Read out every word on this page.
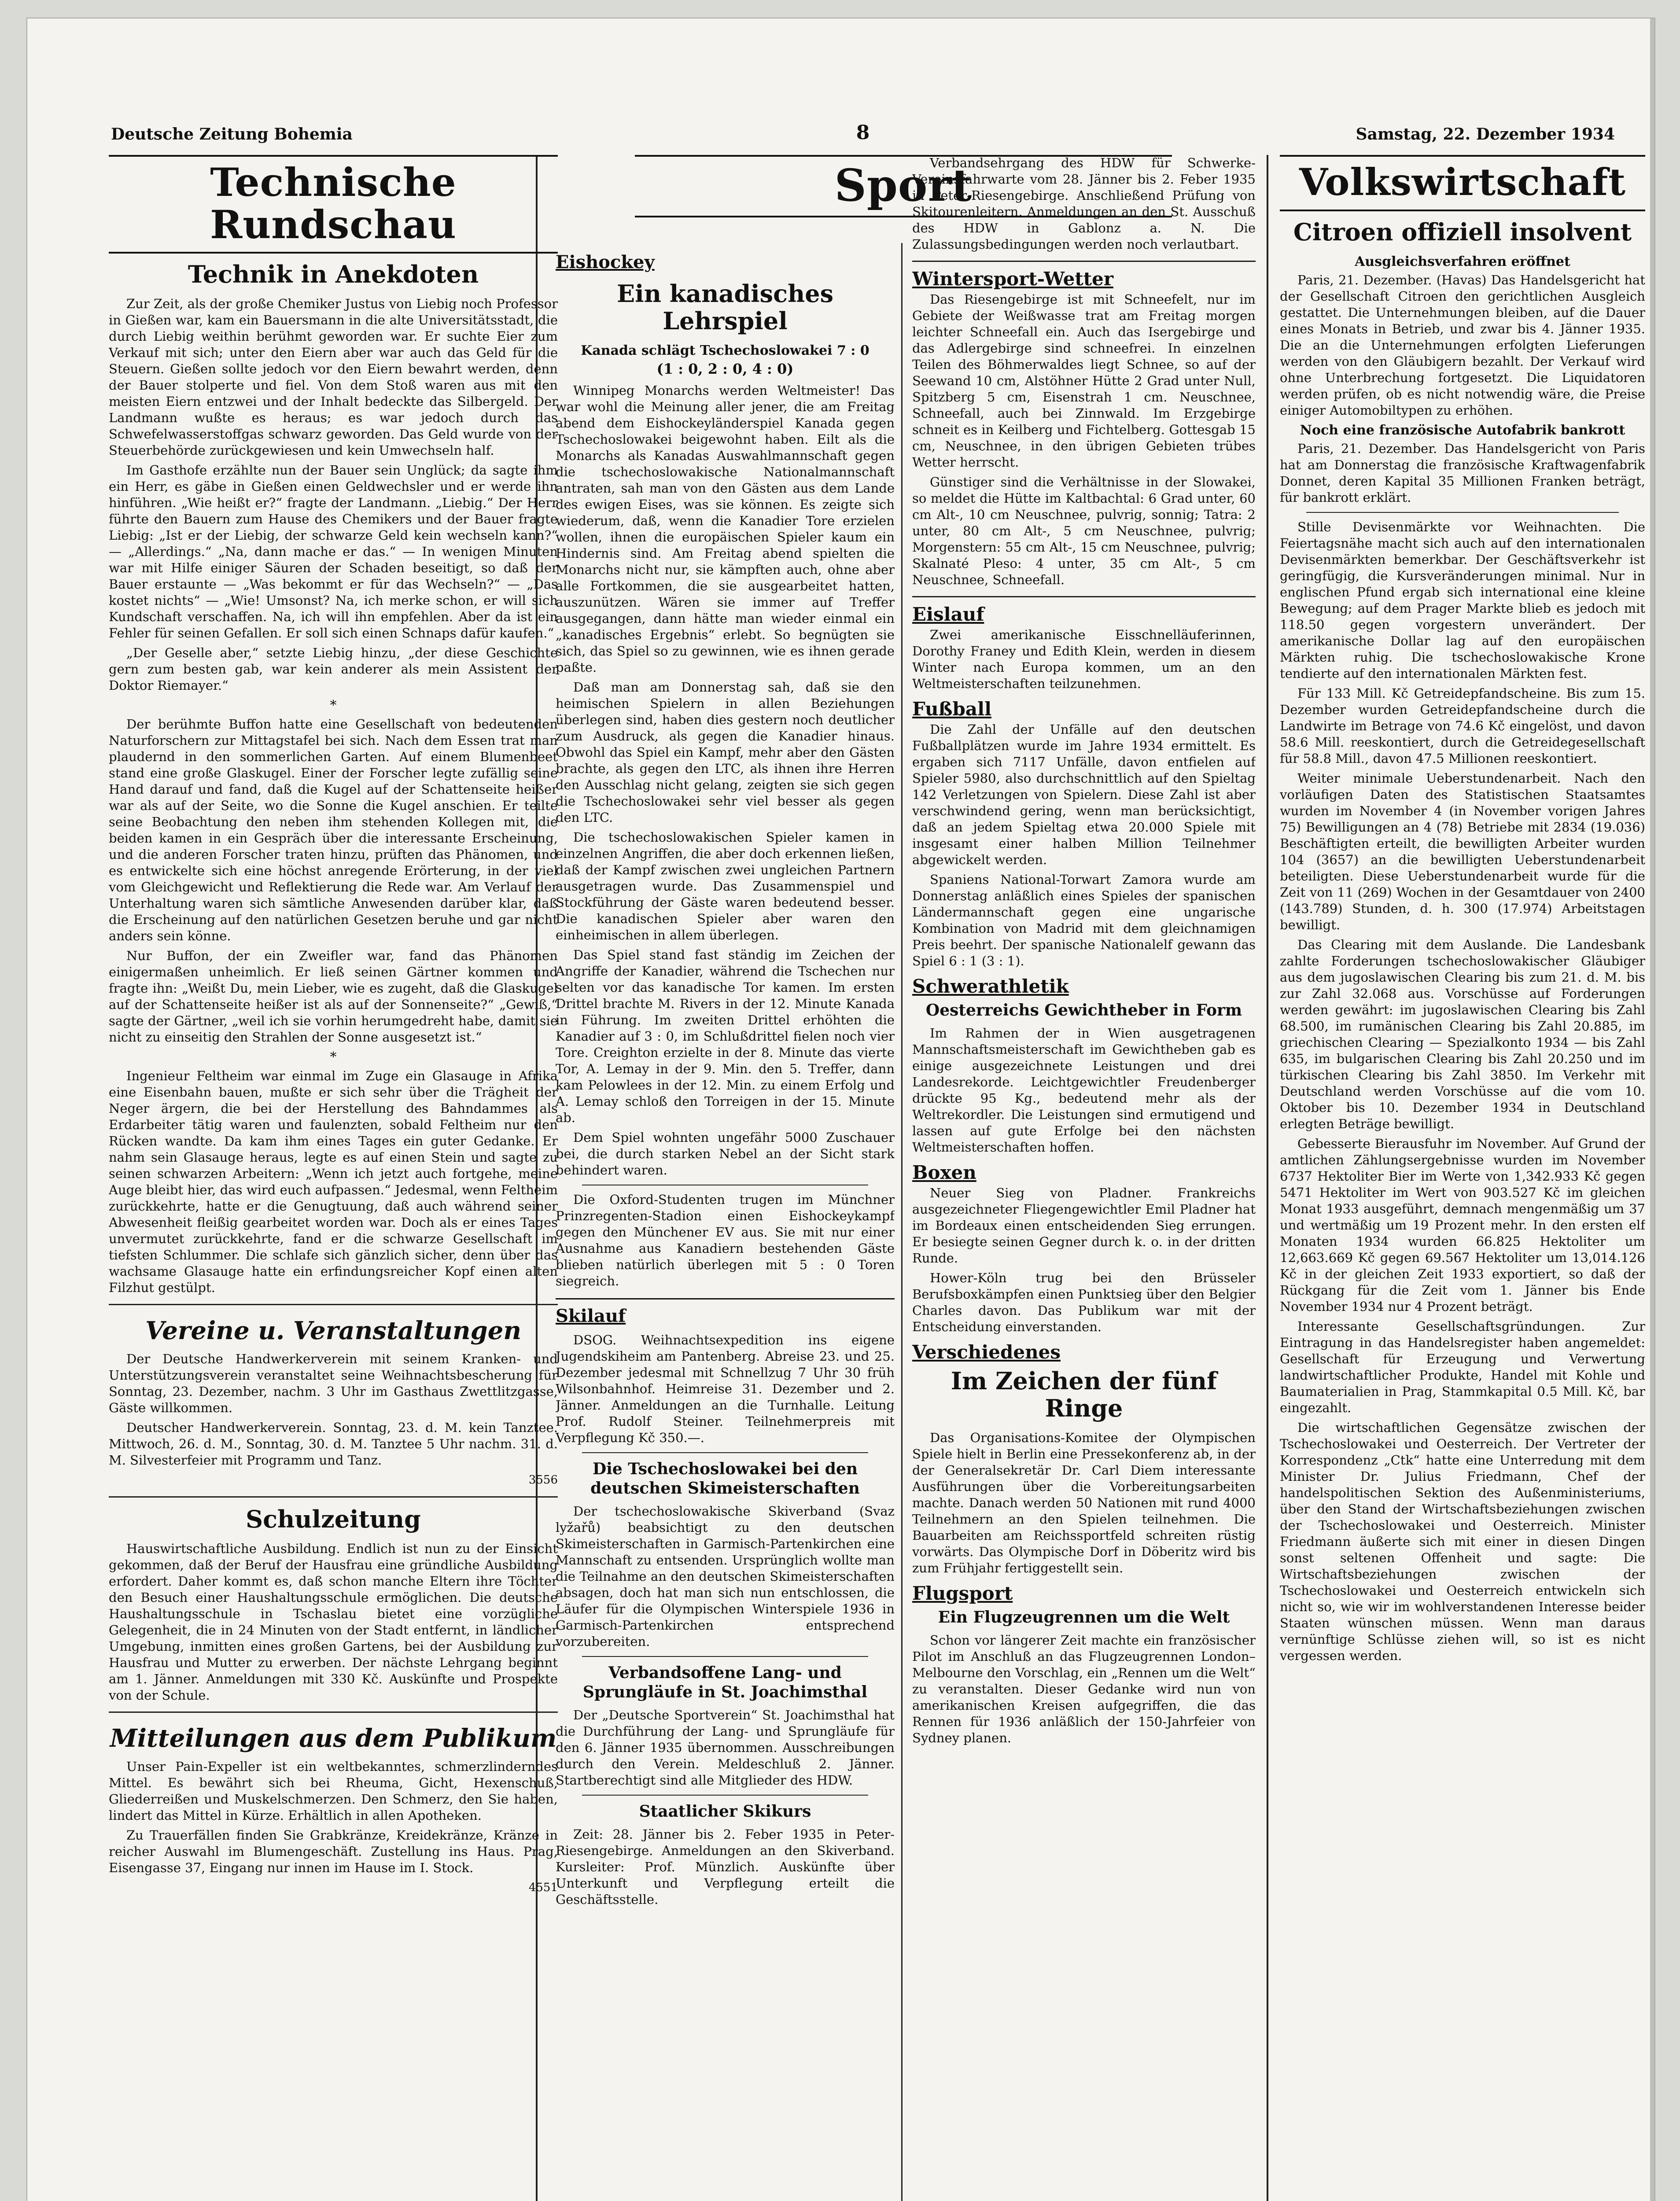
Deutsche Zeitung Bohemia	8	Samstag, 22. Dezember 1934
Technische Rundschau
Technik in Anekdoten

Zur Zeit, als der große Chemiker Justus von Liebig noch Professor in Gießen war, kam ein Bauersmann in die alte Universitätsstadt, die durch Liebig weithin berühmt geworden war. Er suchte Eier zum Verkauf mit sich; unter den Eiern aber war auch das Geld für die Steuern. Gießen sollte jedoch vor den Eiern bewahrt werden, denn der Bauer stolperte und fiel. Von dem Stoß waren aus mit den meisten Eiern entzwei und der Inhalt bedeckte das Silbergeld. Der Landmann wußte es heraus; es war jedoch durch das Schwefelwasserstoffgas schwarz geworden. Das Geld wurde von der Steuerbehörde zurückgewiesen und kein Umwechseln half.

Im Gasthofe erzählte nun der Bauer sein Unglück; da sagte ihm ein Herr, es gäbe in Gießen einen Geldwechsler und er werde ihn hinführen. „Wie heißt er?“ fragte der Landmann. „Liebig.“ Der Herr führte den Bauern zum Hause des Chemikers und der Bauer fragte Liebig: „Ist er der Liebig, der schwarze Geld kein wechseln kann?“ — „Allerdings.“ „Na, dann mache er das.“ — In wenigen Minuten war mit Hilfe einiger Säuren der Schaden beseitigt, so daß der Bauer erstaunte — „Was bekommt er für das Wechseln?“ — „Das kostet nichts“ — „Wie! Umsonst? Na, ich merke schon, er will sich Kundschaft verschaffen. Na, ich will ihn empfehlen. Aber da ist ein Fehler für seinen Gefallen. Er soll sich einen Schnaps dafür kaufen.“

„Der Geselle aber,“ setzte Liebig hinzu, „der diese Geschichte gern zum besten gab, war kein anderer als mein Assistent der Doktor Riemayer.“

*

Der berühmte Buffon hatte eine Gesellschaft von bedeutenden Naturforschern zur Mittagstafel bei sich. Nach dem Essen trat man plaudernd in den sommerlichen Garten. Auf einem Blumenbeet stand eine große Glaskugel. Einer der Forscher legte zufällig seine Hand darauf und fand, daß die Kugel auf der Schattenseite heißer war als auf der Seite, wo die Sonne die Kugel anschien. Er teilte seine Beobachtung den neben ihm stehenden Kollegen mit, die beiden kamen in ein Gespräch über die interessante Erscheinung, und die anderen Forscher traten hinzu, prüften das Phänomen, und es entwickelte sich eine höchst anregende Erörterung, in der viel vom Gleichgewicht und Reflektierung die Rede war. Am Verlauf der Unterhaltung waren sich sämtliche Anwesenden darüber klar, daß die Erscheinung auf den natürlichen Gesetzen beruhe und gar nicht anders sein könne.

Nur Buffon, der ein Zweifler war, fand das Phänomen einigermaßen unheimlich. Er ließ seinen Gärtner kommen und fragte ihn: „Weißt Du, mein Lieber, wie es zugeht, daß die Glaskugel auf der Schattenseite heißer ist als auf der Sonnenseite?“ „Gewiß,“ sagte der Gärtner, „weil ich sie vorhin herumgedreht habe, damit sie nicht zu einseitig den Strahlen der Sonne ausgesetzt ist.“

*

Ingenieur Feltheim war einmal im Zuge ein Glasauge in Afrika eine Eisenbahn bauen, mußte er sich sehr über die Trägheit der Neger ärgern, die bei der Herstellung des Bahndammes als Erdarbeiter tätig waren und faulenzten, sobald Feltheim nur den Rücken wandte. Da kam ihm eines Tages ein guter Gedanke. Er nahm sein Glasauge heraus, legte es auf einen Stein und sagte zu seinen schwarzen Arbeitern: „Wenn ich jetzt auch fortgehe, meine Auge bleibt hier, das wird euch aufpassen.“ Jedesmal, wenn Feltheim zurückkehrte, hatte er die Genugtuung, daß auch während seiner Abwesenheit fleißig gearbeitet worden war. Doch als er eines Tages unvermutet zurückkehrte, fand er die schwarze Gesellschaft im tiefsten Schlummer. Die schlafe sich gänzlich sicher, denn über das wachsame Glasauge hatte ein erfindungsreicher Kopf einen alten Filzhut gestülpt.

Vereine u. Veranstaltungen

Der Deutsche Handwerkerverein mit seinem Kranken- und Unterstützungsverein veranstaltet seine Weihnachtsbescherung für Sonntag, 23. Dezember, nachm. 3 Uhr im Gasthaus Zwettlitzgasse, Gäste willkommen.

Deutscher Handwerkerverein. Sonntag, 23. d. M. kein Tanztee. Mittwoch, 26. d. M., Sonntag, 30. d. M. Tanztee 5 Uhr nachm. 31. d. M. Silvesterfeier mit Programm und Tanz.

3556
Schulzeitung

Hauswirtschaftliche Ausbildung. Endlich ist nun zu der Einsicht gekommen, daß der Beruf der Hausfrau eine gründliche Ausbildung erfordert. Daher kommt es, daß schon manche Eltern ihre Töchter den Besuch einer Haushaltungsschule ermöglichen. Die deutsche Haushaltungsschule in Tschaslau bietet eine vorzügliche Gelegenheit, die in 24 Minuten von der Stadt entfernt, in ländlicher Umgebung, inmitten eines großen Gartens, bei der Ausbildung zur Hausfrau und Mutter zu erwerben. Der nächste Lehrgang beginnt am 1. Jänner. Anmeldungen mit 330 Kč. Auskünfte und Prospekte von der Schule.

Mitteilungen aus dem Publikum

Unser Pain-Expeller ist ein weltbekanntes, schmerzlinderndes Mittel. Es bewährt sich bei Rheuma, Gicht, Hexenschuß, Gliederreißen und Muskelschmerzen. Den Schmerz, den Sie haben, lindert das Mittel in Kürze. Erhältlich in allen Apotheken.

Zu Trauerfällen finden Sie Grabkränze, Kreidekränze, Kränze in reicher Auswahl im Blumengeschäft. Zustellung ins Haus. Prag, Eisengasse 37, Eingang nur innen im Hause im I. Stock.

4551
Sport
Eishockey
Ein kanadisches Lehrspiel
Kanada schlägt Tschechoslowakei 7 : 0
(1 : 0, 2 : 0, 4 : 0)

Winnipeg Monarchs werden Weltmeister! Das war wohl die Meinung aller jener, die am Freitag abend dem Eishockeyländerspiel Kanada gegen Tschechoslowakei beigewohnt haben. Eilt als die Monarchs als Kanadas Auswahlmannschaft gegen die tschechoslowakische Nationalmannschaft antraten, sah man von den Gästen aus dem Lande des ewigen Eises, was sie können. Es zeigte sich wiederum, daß, wenn die Kanadier Tore erzielen wollen, ihnen die europäischen Spieler kaum ein Hindernis sind. Am Freitag abend spielten die Monarchs nicht nur, sie kämpften auch, ohne aber alle Fortkommen, die sie ausgearbeitet hatten, auszunützen. Wären sie immer auf Treffer ausgegangen, dann hätte man wieder einmal ein „kanadisches Ergebnis“ erlebt. So begnügten sie sich, das Spiel so zu gewinnen, wie es ihnen gerade paßte.

Daß man am Donnerstag sah, daß sie den heimischen Spielern in allen Beziehungen überlegen sind, haben dies gestern noch deutlicher zum Ausdruck, als gegen die Kanadier hinaus. Obwohl das Spiel ein Kampf, mehr aber den Gästen brachte, als gegen den LTC, als ihnen ihre Herren den Ausschlag nicht gelang, zeigten sie sich gegen die Tschechoslowakei sehr viel besser als gegen den LTC.

Die tschechoslowakischen Spieler kamen in einzelnen Angriffen, die aber doch erkennen ließen, daß der Kampf zwischen zwei ungleichen Partnern ausgetragen wurde. Das Zusammenspiel und Stockführung der Gäste waren bedeutend besser. Die kanadischen Spieler aber waren den einheimischen in allem überlegen.

Das Spiel stand fast ständig im Zeichen der Angriffe der Kanadier, während die Tschechen nur selten vor das kanadische Tor kamen. Im ersten Drittel brachte M. Rivers in der 12. Minute Kanada in Führung. Im zweiten Drittel erhöhten die Kanadier auf 3 : 0, im Schlußdrittel fielen noch vier Tore. Creighton erzielte in der 8. Minute das vierte Tor, A. Lemay in der 9. Min. den 5. Treffer, dann kam Pelowlees in der 12. Min. zu einem Erfolg und A. Lemay schloß den Torreigen in der 15. Minute ab.

Dem Spiel wohnten ungefähr 5000 Zuschauer bei, die durch starken Nebel an der Sicht stark behindert waren.

Die Oxford-Studenten trugen im Münchner Prinzregenten-Stadion einen Eishockeykampf gegen den Münchener EV aus. Sie mit nur einer Ausnahme aus Kanadiern bestehenden Gäste blieben natürlich überlegen mit 5 : 0 Toren siegreich.

Skilauf

DSOG. Weihnachtsexpedition ins eigene Jugendskiheim am Pantenberg. Abreise 23. und 25. Dezember jedesmal mit Schnellzug 7 Uhr 30 früh Wilsonbahnhof. Heimreise 31. Dezember und 2. Jänner. Anmeldungen an die Turnhalle. Leitung Prof. Rudolf Steiner. Teilnehmerpreis mit Verpflegung Kč 350.—.

Die Tschechoslowakei bei den deutschen Skimeisterschaften

Der tschechoslowakische Skiverband (Svaz lyžařů) beabsichtigt zu den deutschen Skimeisterschaften in Garmisch-Partenkirchen eine Mannschaft zu entsenden. Ursprünglich wollte man die Teilnahme an den deutschen Skimeisterschaften absagen, doch hat man sich nun entschlossen, die Läufer für die Olympischen Winterspiele 1936 in Garmisch-Partenkirchen entsprechend vorzubereiten.

Verbandsoffene Lang- und Sprungläufe in St. Joachimsthal

Der „Deutsche Sportverein“ St. Joachimsthal hat die Durchführung der Lang- und Sprungläufe für den 6. Jänner 1935 übernommen. Ausschreibungen durch den Verein. Meldeschluß 2. Jänner. Startberechtigt sind alle Mitglieder des HDW.

Staatlicher Skikurs

Zeit: 28. Jänner bis 2. Feber 1935 in Peter-Riesengebirge. Anmeldungen an den Skiverband. Kursleiter: Prof. Münzlich. Auskünfte über Unterkunft und Verpflegung erteilt die Geschäftsstelle.

Verbandsehrgang des HDW für Schwerke-Vereinsfahrwarte vom 28. Jänner bis 2. Feber 1935 in Peter-Riesengebirge. Anschließend Prüfung von Skitourenleitern. Anmeldungen an den St. Ausschuß des HDW in Gablonz a. N. Die Zulassungsbedingungen werden noch verlautbart.

Wintersport-Wetter

Das Riesengebirge ist mit Schneefelt, nur im Gebiete der Weißwasse trat am Freitag morgen leichter Schneefall ein. Auch das Isergebirge und das Adlergebirge sind schneefrei. In einzelnen Teilen des Böhmerwaldes liegt Schnee, so auf der Seewand 10 cm, Alstöhner Hütte 2 Grad unter Null, Spitzberg 5 cm, Eisenstrah 1 cm. Neuschnee, Schneefall, auch bei Zinnwald. Im Erzgebirge schneit es in Keilberg und Fichtelberg. Gottesgab 15 cm, Neuschnee, in den übrigen Gebieten trübes Wetter herrscht.

Günstiger sind die Verhältnisse in der Slowakei, so meldet die Hütte im Kaltbachtal: 6 Grad unter, 60 cm Alt-, 10 cm Neuschnee, pulvrig, sonnig; Tatra: 2 unter, 80 cm Alt-, 5 cm Neuschnee, pulvrig; Morgenstern: 55 cm Alt-, 15 cm Neuschnee, pulvrig; Skalnaté Pleso: 4 unter, 35 cm Alt-, 5 cm Neuschnee, Schneefall.

Eislauf

Zwei amerikanische Eisschnelläuferinnen, Dorothy Franey und Edith Klein, werden in diesem Winter nach Europa kommen, um an den Weltmeisterschaften teilzunehmen.

Fußball

Die Zahl der Unfälle auf den deutschen Fußballplätzen wurde im Jahre 1934 ermittelt. Es ergaben sich 7117 Unfälle, davon entfielen auf Spieler 5980, also durchschnittlich auf den Spieltag 142 Verletzungen von Spielern. Diese Zahl ist aber verschwindend gering, wenn man berücksichtigt, daß an jedem Spieltag etwa 20.000 Spiele mit insgesamt einer halben Million Teilnehmer abgewickelt werden.

Spaniens National-Torwart Zamora wurde am Donnerstag anläßlich eines Spieles der spanischen Ländermannschaft gegen eine ungarische Kombination von Madrid mit dem gleichnamigen Preis beehrt. Der spanische Nationalelf gewann das Spiel 6 : 1 (3 : 1).

Schwerathletik
Oesterreichs Gewichtheber in Form

Im Rahmen der in Wien ausgetragenen Mannschaftsmeisterschaft im Gewichtheben gab es einige ausgezeichnete Leistungen und drei Landesrekorde. Leichtgewichtler Freudenberger drückte 95 Kg., bedeutend mehr als der Weltrekordler. Die Leistungen sind ermutigend und lassen auf gute Erfolge bei den nächsten Weltmeisterschaften hoffen.

Boxen

Neuer Sieg von Pladner. Frankreichs ausgezeichneter Fliegengewichtler Emil Pladner hat im Bordeaux einen entscheidenden Sieg errungen. Er besiegte seinen Gegner durch k. o. in der dritten Runde.

Hower-Köln trug bei den Brüsseler Berufsboxkämpfen einen Punktsieg über den Belgier Charles davon. Das Publikum war mit der Entscheidung einverstanden.

Verschiedenes
Im Zeichen der fünf Ringe

Das Organisations-Komitee der Olympischen Spiele hielt in Berlin eine Pressekonferenz ab, in der der Generalsekretär Dr. Carl Diem interessante Ausführungen über die Vorbereitungsarbeiten machte. Danach werden 50 Nationen mit rund 4000 Teilnehmern an den Spielen teilnehmen. Die Bauarbeiten am Reichssportfeld schreiten rüstig vorwärts. Das Olympische Dorf in Döberitz wird bis zum Frühjahr fertiggestellt sein.

Flugsport
Ein Flugzeugrennen um die Welt

Schon vor längerer Zeit machte ein französischer Pilot im Anschluß an das Flugzeugrennen London–Melbourne den Vorschlag, ein „Rennen um die Welt“ zu veranstalten. Dieser Gedanke wird nun von amerikanischen Kreisen aufgegriffen, die das Rennen für 1936 anläßlich der 150-Jahrfeier von Sydney planen.

Volkswirtschaft
Citroen offiziell insolvent
Ausgleichsverfahren eröffnet

Paris, 21. Dezember. (Havas) Das Handelsgericht hat der Gesellschaft Citroen den gerichtlichen Ausgleich gestattet. Die Unternehmungen bleiben, auf die Dauer eines Monats in Betrieb, und zwar bis 4. Jänner 1935. Die an die Unternehmungen erfolgten Lieferungen werden von den Gläubigern bezahlt. Der Verkauf wird ohne Unterbrechung fortgesetzt. Die Liquidatoren werden prüfen, ob es nicht notwendig wäre, die Preise einiger Automobiltypen zu erhöhen.

Noch eine französische Autofabrik bankrott

Paris, 21. Dezember. Das Handelsgericht von Paris hat am Donnerstag die französische Kraftwagenfabrik Donnet, deren Kapital 35 Millionen Franken beträgt, für bankrott erklärt.

Stille Devisenmärkte vor Weihnachten. Die Feiertagsnähe macht sich auch auf den internationalen Devisenmärkten bemerkbar. Der Geschäftsverkehr ist geringfügig, die Kursveränderungen minimal. Nur in englischen Pfund ergab sich international eine kleine Bewegung; auf dem Prager Markte blieb es jedoch mit 118.50 gegen vorgestern unverändert. Der amerikanische Dollar lag auf den europäischen Märkten ruhig. Die tschechoslowakische Krone tendierte auf den internationalen Märkten fest.

Für 133 Mill. Kč Getreidepfandscheine. Bis zum 15. Dezember wurden Getreidepfandscheine durch die Landwirte im Betrage von 74.6 Kč eingelöst, und davon 58.6 Mill. reeskontiert, durch die Getreidegesellschaft für 58.8 Mill., davon 47.5 Millionen reeskontiert.

Weiter minimale Ueberstundenarbeit. Nach den vorläufigen Daten des Statistischen Staatsamtes wurden im November 4 (in November vorigen Jahres 75) Bewilligungen an 4 (78) Betriebe mit 2834 (19.036) Beschäftigten erteilt, die bewilligten Arbeiter wurden 104 (3657) an die bewilligten Ueberstundenarbeit beteiligten. Diese Ueberstundenarbeit wurde für die Zeit von 11 (269) Wochen in der Gesamtdauer von 2400 (143.789) Stunden, d. h. 300 (17.974) Arbeitstagen bewilligt.

Das Clearing mit dem Auslande. Die Landesbank zahlte Forderungen tschechoslowakischer Gläubiger aus dem jugoslawischen Clearing bis zum 21. d. M. bis zur Zahl 32.068 aus. Vorschüsse auf Forderungen werden gewährt: im jugoslawischen Clearing bis Zahl 68.500, im rumänischen Clearing bis Zahl 20.885, im griechischen Clearing — Spezialkonto 1934 — bis Zahl 635, im bulgarischen Clearing bis Zahl 20.250 und im türkischen Clearing bis Zahl 3850. Im Verkehr mit Deutschland werden Vorschüsse auf die vom 10. Oktober bis 10. Dezember 1934 in Deutschland erlegten Beträge bewilligt.

Gebesserte Bierausfuhr im November. Auf Grund der amtlichen Zählungsergebnisse wurden im November 6737 Hektoliter Bier im Werte von 1,342.933 Kč gegen 5471 Hektoliter im Wert von 903.527 Kč im gleichen Monat 1933 ausgeführt, demnach mengenmäßig um 37 und wertmäßig um 19 Prozent mehr. In den ersten elf Monaten 1934 wurden 66.825 Hektoliter um 12,663.669 Kč gegen 69.567 Hektoliter um 13,014.126 Kč in der gleichen Zeit 1933 exportiert, so daß der Rückgang für die Zeit vom 1. Jänner bis Ende November 1934 nur 4 Prozent beträgt.

Interessante Gesellschaftsgründungen. Zur Eintragung in das Handelsregister haben angemeldet: Gesellschaft für Erzeugung und Verwertung landwirtschaftlicher Produkte, Handel mit Kohle und Baumaterialien in Prag, Stammkapital 0.5 Mill. Kč, bar eingezahlt.

Die wirtschaftlichen Gegensätze zwischen der Tschechoslowakei und Oesterreich. Der Vertreter der Korrespondenz „Ctk“ hatte eine Unterredung mit dem Minister Dr. Julius Friedmann, Chef der handelspolitischen Sektion des Außenministeriums, über den Stand der Wirtschaftsbeziehungen zwischen der Tschechoslowakei und Oesterreich. Minister Friedmann äußerte sich mit einer in diesen Dingen sonst seltenen Offenheit und sagte: Die Wirtschaftsbeziehungen zwischen der Tschechoslowakei und Oesterreich entwickeln sich nicht so, wie wir im wohlverstandenen Interesse beider Staaten wünschen müssen. Wenn man daraus vernünftige Schlüsse ziehen will, so ist es nicht vergessen werden.
